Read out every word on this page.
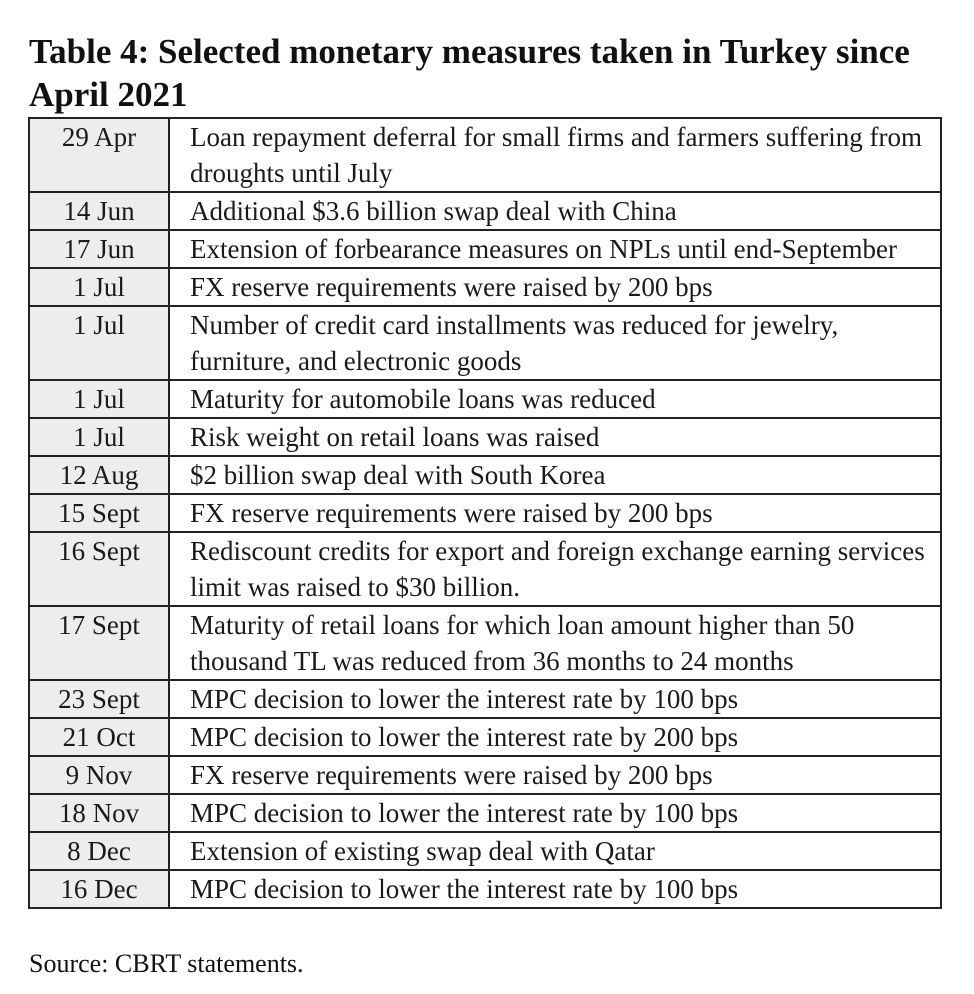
Table 4: Selected monetary measures taken in Turkey since April 2021
29 Apr	Loan repayment deferral for small firms and farmers suffering from droughts until July
14 Jun	Additional $3.6 billion swap deal with China
17 Jun	Extension of forbearance measures on NPLs until end-September
1 Jul	FX reserve requirements were raised by 200 bps
1 Jul	Number of credit card installments was reduced for jewelry, furniture, and electronic goods
1 Jul	Maturity for automobile loans was reduced
1 Jul	Risk weight on retail loans was raised
12 Aug	$2 billion swap deal with South Korea
15 Sept	FX reserve requirements were raised by 200 bps
16 Sept	Rediscount credits for export and foreign exchange earning services limit was raised to $30 billion.
17 Sept	Maturity of retail loans for which loan amount higher than 50 thousand TL was reduced from 36 months to 24 months
23 Sept	MPC decision to lower the interest rate by 100 bps
21 Oct	MPC decision to lower the interest rate by 200 bps
9 Nov	FX reserve requirements were raised by 200 bps
18 Nov	MPC decision to lower the interest rate by 100 bps
8 Dec	Extension of existing swap deal with Qatar
16 Dec	MPC decision to lower the interest rate by 100 bps
Source: CBRT statements.
